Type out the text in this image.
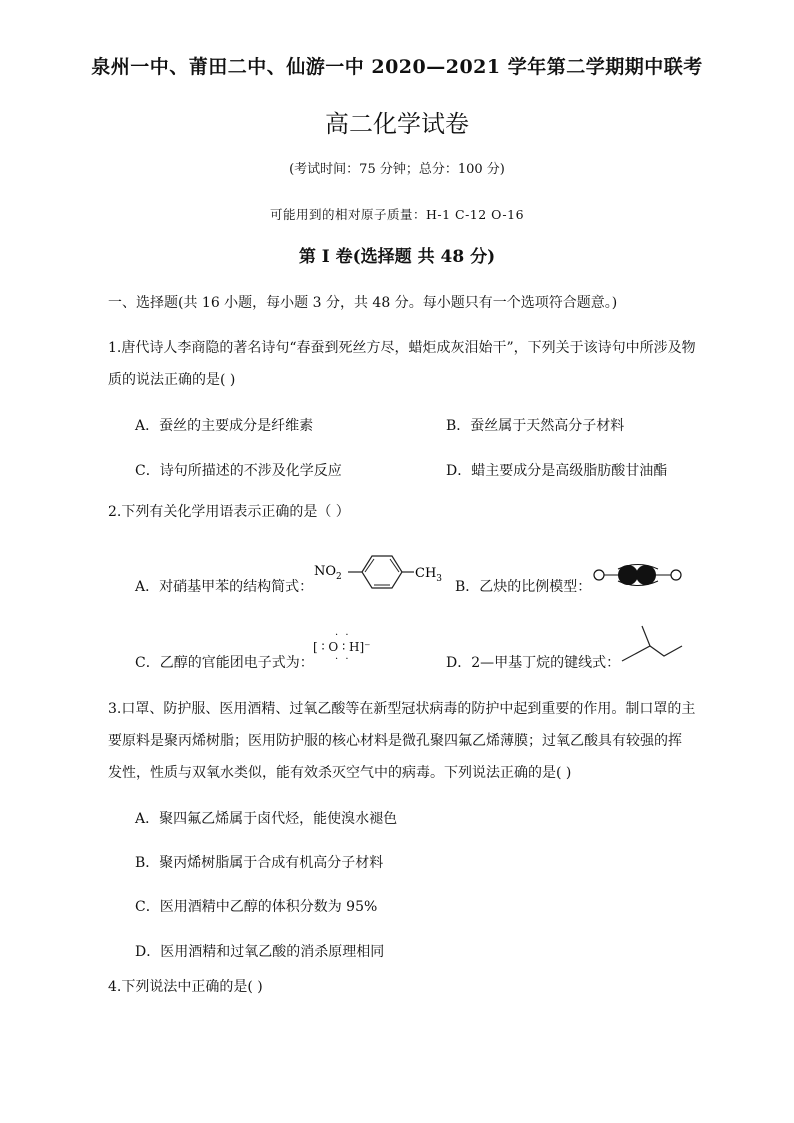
泉州一中、莆田二中、仙游一中 2020—2021 学年第二学期期中联考
高二化学试卷
(考试时间：75 分钟；总分：100 分)
可能用到的相对原子质量：H-1 C-12 O-16
第 I 卷(选择题 共 48 分)
一、选择题(共 16 小题，每小题 3 分，共 48 分。每小题只有一个选项符合题意。)
1.唐代诗人李商隐的著名诗句“春蚕到死丝方尽，蜡炬成灰泪始干”，下列关于该诗句中所涉及物
质的说法正确的是( )
A．蚕丝的主要成分是纤维素	B．蚕丝属于天然高分子材料
C．诗句所描述的不涉及化学反应	D．蜡主要成分是高级脂肪酸甘油酯
2.下列有关化学用语表示正确的是（ ）
A．对硝基甲苯的结构简式：
$NO_2$	$CH_3$ B．乙炔的比例模型：
C．乙醇的官能团电子式为：
· ·
[ ∶ O ∶ H]⁻
· ·	D．2—甲基丁烷的键线式：
3.口罩、防护服、医用酒精、过氧乙酸等在新型冠状病毒的防护中起到重要的作用。制口罩的主
要原料是聚丙烯树脂；医用防护服的核心材料是微孔聚四氟乙烯薄膜；过氧乙酸具有较强的挥
发性，性质与双氧水类似，能有效杀灭空气中的病毒。下列说法正确的是( )
A．聚四氟乙烯属于卤代烃，能使溴水褪色
B．聚丙烯树脂属于合成有机高分子材料
C．医用酒精中乙醇的体积分数为 95%
D．医用酒精和过氧乙酸的消杀原理相同
4.下列说法中正确的是( )
